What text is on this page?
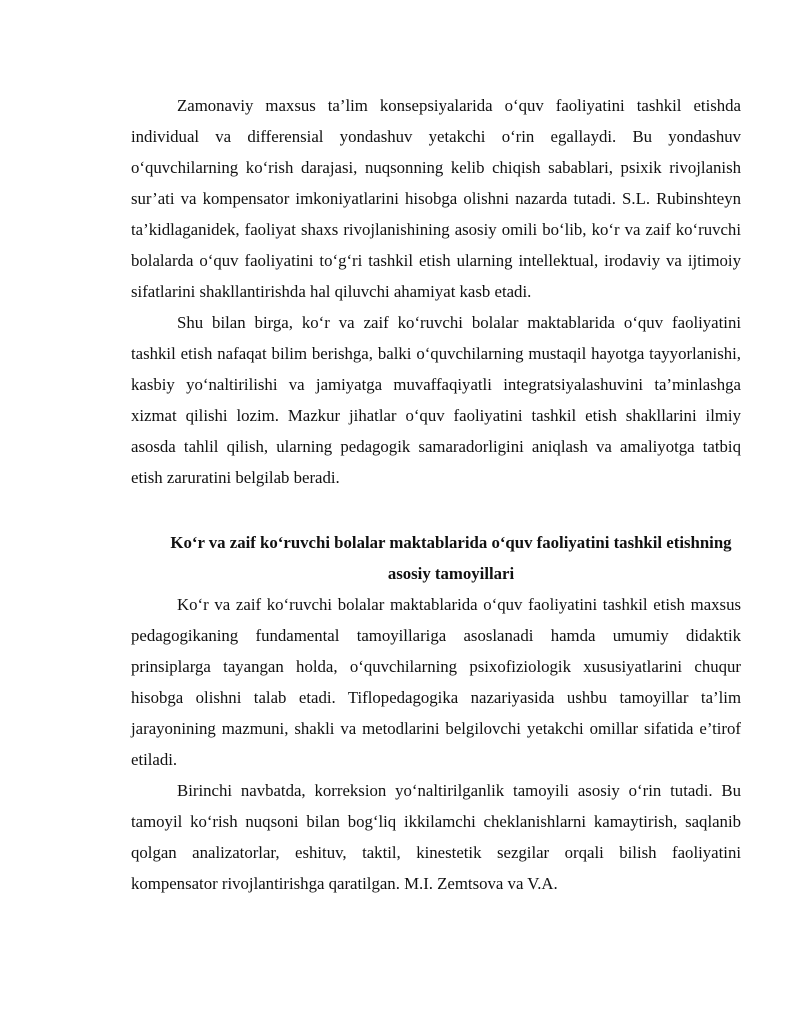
Zamonaviy maxsus ta’lim konsepsiyalarida o‘quv faoliyatini tashkil etishda individual va differensial yondashuv yetakchi o‘rin egallaydi. Bu yondashuv o‘quvchilarning ko‘rish darajasi, nuqsonning kelib chiqish sabablari, psixik rivojlanish sur’ati va kompensator imkoniyatlarini hisobga olishni nazarda tutadi. S.L. Rubinshteyn ta’kidlaganidek, faoliyat shaxs rivojlanishining asosiy omili bo‘lib, ko‘r va zaif ko‘ruvchi bolalarda o‘quv faoliyatini to‘g‘ri tashkil etish ularning intellektual, irodaviy va ijtimoiy sifatlarini shakllantirishda hal qiluvchi ahamiyat kasb etadi.

Shu bilan birga, ko‘r va zaif ko‘ruvchi bolalar maktablarida o‘quv faoliyatini tashkil etish nafaqat bilim berishga, balki o‘quvchilarning mustaqil hayotga tayyorlanishi, kasbiy yo‘naltirilishi va jamiyatga muvaffaqiyatli integratsiyalashuvini ta’minlashga xizmat qilishi lozim. Mazkur jihatlar o‘quv faoliyatini tashkil etish shakllarini ilmiy asosda tahlil qilish, ularning pedagogik samaradorligini aniqlash va amaliyotga tatbiq etish zaruratini belgilab beradi.

Ko‘r va zaif ko‘ruvchi bolalar maktablarida o‘quv faoliyatini tashkil etishning asosiy tamoyillari

Ko‘r va zaif ko‘ruvchi bolalar maktablarida o‘quv faoliyatini tashkil etish maxsus pedagogikaning fundamental tamoyillariga asoslanadi hamda umumiy didaktik prinsiplarga tayangan holda, o‘quvchilarning psixofiziologik xususiyatlarini chuqur hisobga olishni talab etadi. Tiflopedagogika nazariyasida ushbu tamoyillar ta’lim jarayonining mazmuni, shakli va metodlarini belgilovchi yetakchi omillar sifatida e’tirof etiladi.

Birinchi navbatda, korreksion yo‘naltirilganlik tamoyili asosiy o‘rin tutadi. Bu tamoyil ko‘rish nuqsoni bilan bog‘liq ikkilamchi cheklanishlarni kamaytirish, saqlanib qolgan analizatorlar, eshituv, taktil, kinestetik sezgilar orqali bilish faoliyatini kompensator rivojlantirishga qaratilgan. M.I. Zemtsova va V.A.
